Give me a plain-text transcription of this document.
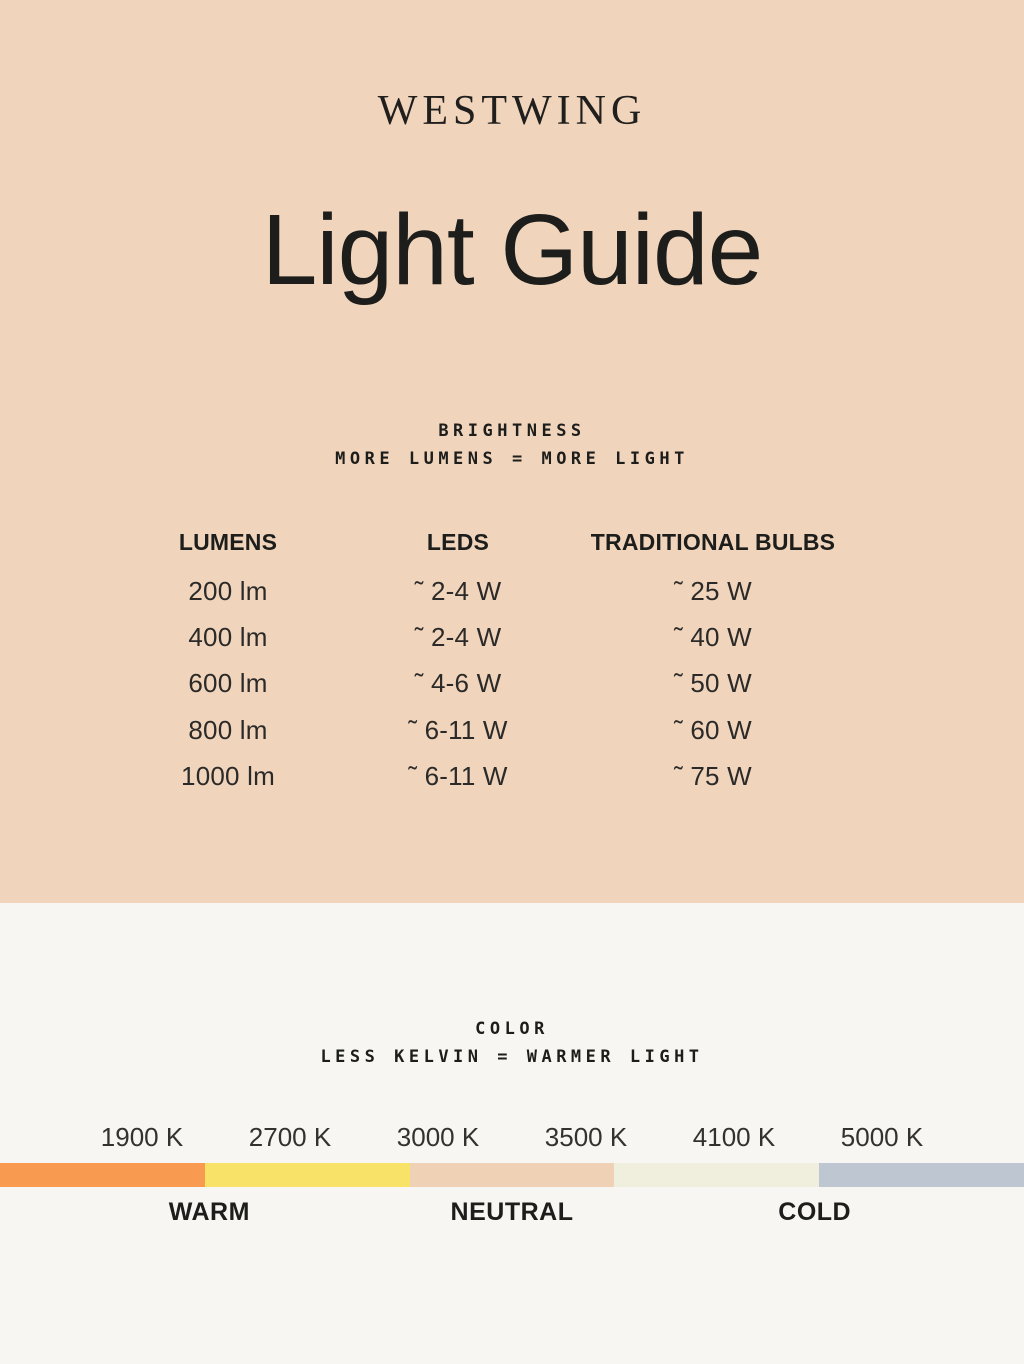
WESTWING
Light Guide
BRIGHTNESS
MORE LUMENS = MORE LIGHT
LUMENS	LEDS	TRADITIONAL BULBS
200 lm	˜ 2-4 W	˜ 25 W
400 lm	˜ 2-4 W	˜ 40 W
600 lm	˜ 4-6 W	˜ 50 W
800 lm	˜ 6-11 W	˜ 60 W
1000 lm	˜ 6-11 W	˜ 75 W
COLOR
LESS KELVIN = WARMER LIGHT
1900 K	2700 K	3000 K	3500 K	4100 K	5000 K
WARM	NEUTRAL	COLD
